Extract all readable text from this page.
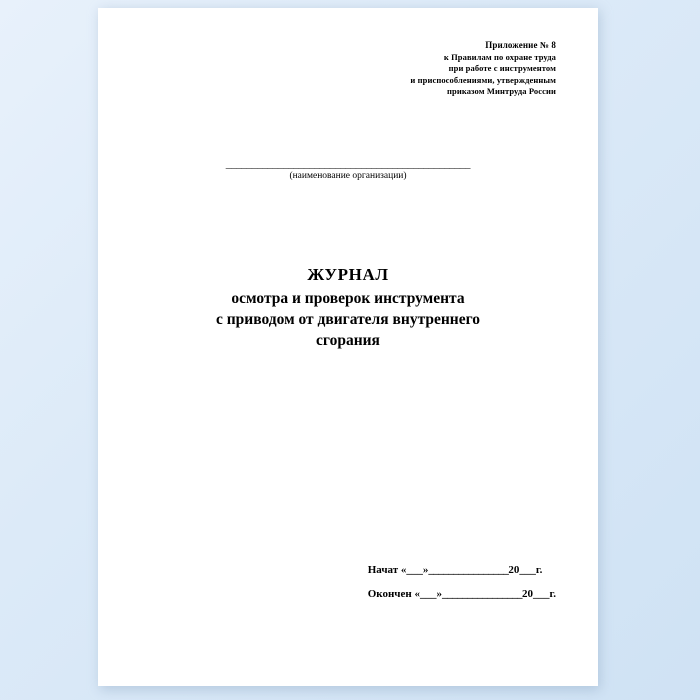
Приложение № 8
к Правилам по охране труда
при работе с инструментом
и приспособлениями, утвержденным
приказом Минтруда России
_______________________________________________
(наименование организации)
ЖУРНАЛ
осмотра и проверок инструмента
с приводом от двигателя внутреннего
сгорания
Начат «___»________________20___г.
Окончен «___»________________20___г.
